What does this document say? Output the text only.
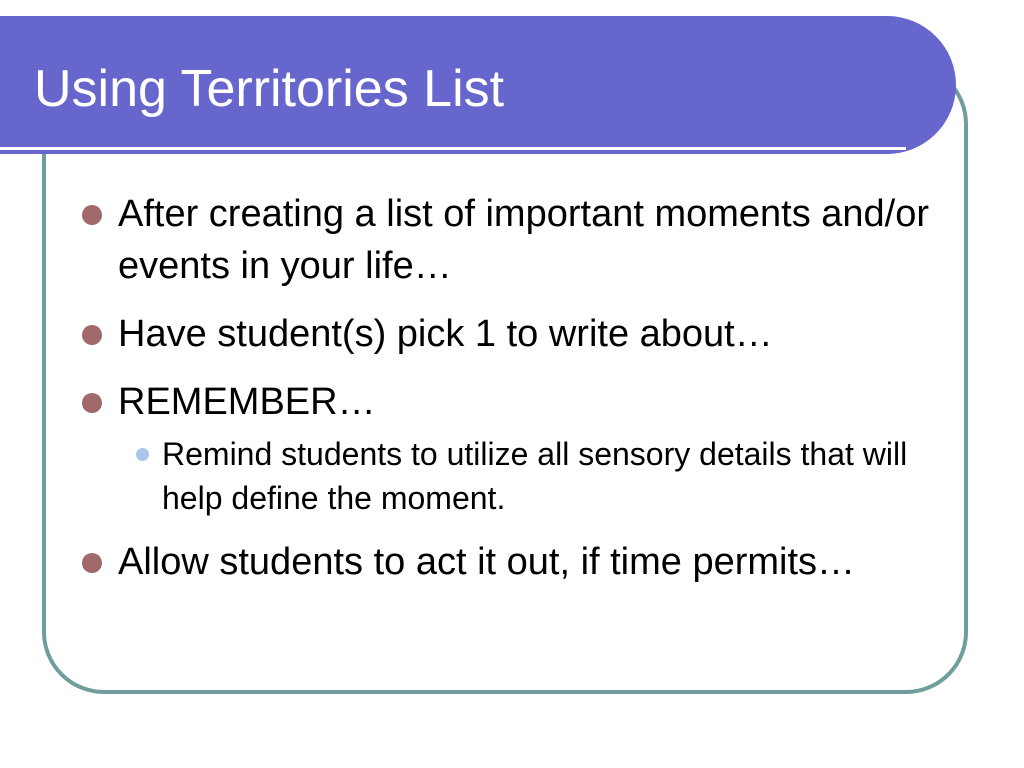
Using Territories List
After creating a list of important moments and/or events in your life…
Have student(s) pick 1 to write about…
REMEMBER…
Remind students to utilize all sensory details that will help define the moment.
Allow students to act it out, if time permits…
